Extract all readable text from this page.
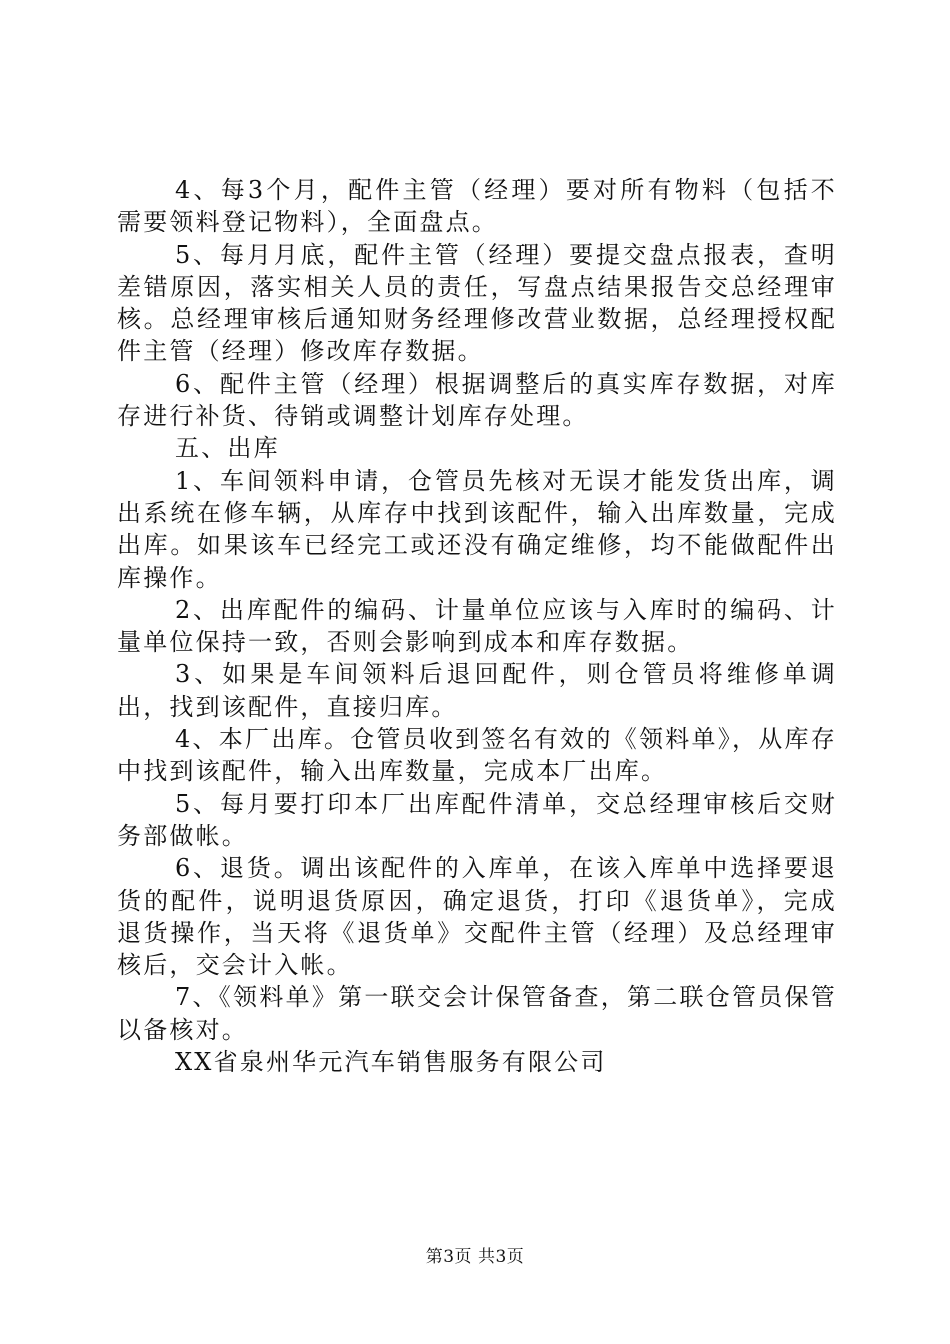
4、每3个月，配件主管（经理）要对所有物料（包括不需要领料登记物料），全面盘点。

5、每月月底，配件主管（经理）要提交盘点报表，查明差错原因，落实相关人员的责任，写盘点结果报告交总经理审核。总经理审核后通知财务经理修改营业数据，总经理授权配件主管（经理）修改库存数据。

6、配件主管（经理）根据调整后的真实库存数据，对库存进行补货、待销或调整计划库存处理。

五、出库

1、车间领料申请，仓管员先核对无误才能发货出库，调出系统在修车辆，从库存中找到该配件，输入出库数量，完成出库。如果该车已经完工或还没有确定维修，均不能做配件出库操作。

2、出库配件的编码、计量单位应该与入库时的编码、计量单位保持一致，否则会影响到成本和库存数据。

3、如果是车间领料后退回配件，则仓管员将维修单调出，找到该配件，直接归库。

4、本厂出库。仓管员收到签名有效的《领料单》，从库存中找到该配件，输入出库数量，完成本厂出库。

5、每月要打印本厂出库配件清单，交总经理审核后交财务部做帐。

6、退货。调出该配件的入库单，在该入库单中选择要退货的配件，说明退货原因，确定退货，打印《退货单》，完成退货操作，当天将《退货单》交配件主管（经理）及总经理审核后，交会计入帐。

7、《领料单》第一联交会计保管备查，第二联仓管员保管以备核对。

XX省泉州华元汽车销售服务有限公司

第3页 共3页
